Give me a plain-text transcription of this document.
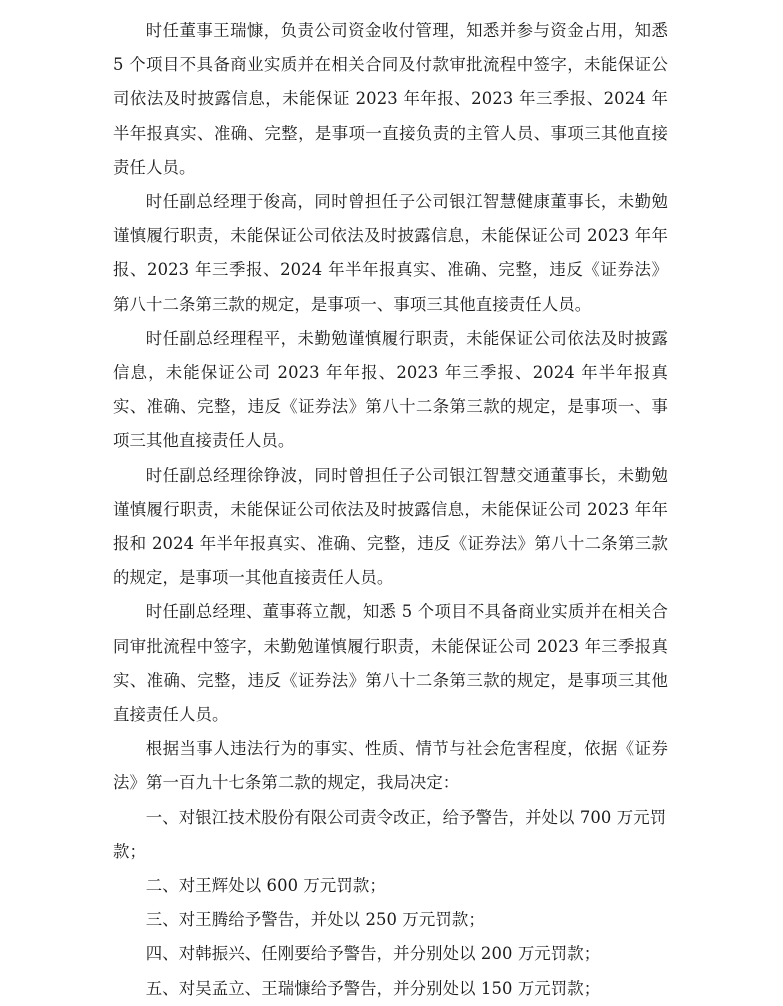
时任董事王瑞慷，负责公司资金收付管理，知悉并参与资金占用，知悉 5 个项目不具备商业实质并在相关合同及付款审批流程中签字，未能保证公司依法及时披露信息，未能保证 2023 年年报、2023 年三季报、2024 年半年报真实、准确、完整，是事项一直接负责的主管人员、事项三其他直接责任人员。

时任副总经理于俊高，同时曾担任子公司银江智慧健康董事长，未勤勉谨慎履行职责，未能保证公司依法及时披露信息，未能保证公司 2023 年年报、2023 年三季报、2024 年半年报真实、准确、完整，违反《证券法》第八十二条第三款的规定，是事项一、事项三其他直接责任人员。

时任副总经理程平，未勤勉谨慎履行职责，未能保证公司依法及时披露信息，未能保证公司 2023 年年报、2023 年三季报、2024 年半年报真实、准确、完整，违反《证券法》第八十二条第三款的规定，是事项一、事项三其他直接责任人员。

时任副总经理徐铮波，同时曾担任子公司银江智慧交通董事长，未勤勉谨慎履行职责，未能保证公司依法及时披露信息，未能保证公司 2023 年年报和 2024 年半年报真实、准确、完整，违反《证券法》第八十二条第三款的规定，是事项一其他直接责任人员。

时任副总经理、董事蒋立靓，知悉 5 个项目不具备商业实质并在相关合同审批流程中签字，未勤勉谨慎履行职责，未能保证公司 2023 年三季报真实、准确、完整，违反《证券法》第八十二条第三款的规定，是事项三其他直接责任人员。

根据当事人违法行为的事实、性质、情节与社会危害程度，依据《证券法》第一百九十七条第二款的规定，我局决定：

一、对银江技术股份有限公司责令改正，给予警告，并处以 700 万元罚款；

二、对王辉处以 600 万元罚款；

三、对王腾给予警告，并处以 250 万元罚款；

四、对韩振兴、任刚要给予警告，并分别处以 200 万元罚款；

五、对吴孟立、王瑞慷给予警告，并分别处以 150 万元罚款；
